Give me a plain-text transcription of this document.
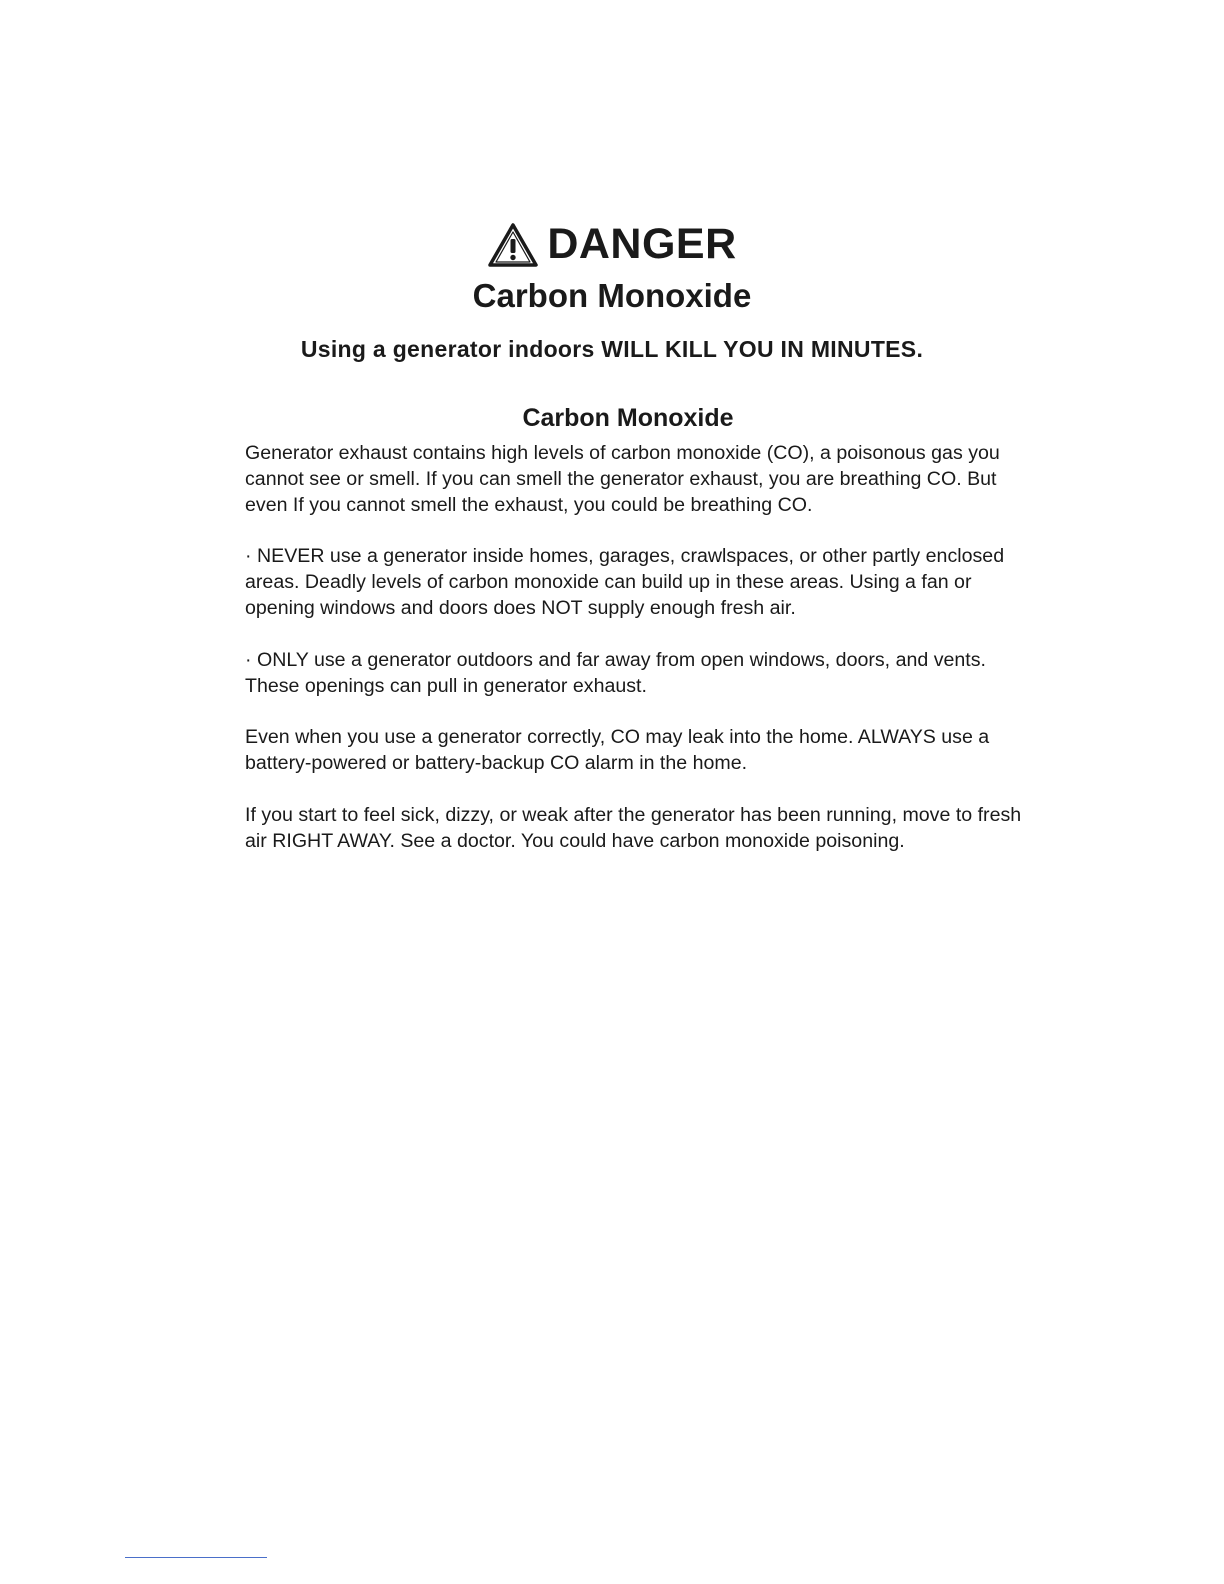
DANGER
Carbon Monoxide
Using a generator indoors WILL KILL YOU IN MINUTES.
Carbon Monoxide

Generator exhaust contains high levels of carbon monoxide (CO), a poisonous gas you cannot see or smell. If you can smell the generator exhaust, you are breathing CO. But even If you cannot smell the exhaust, you could be breathing CO.

· NEVER use a generator inside homes, garages, crawlspaces, or other partly enclosed areas. Deadly levels of carbon monoxide can build up in these areas. Using a fan or opening windows and doors does NOT supply enough fresh air.

· ONLY use a generator outdoors and far away from open windows, doors, and vents. These openings can pull in generator exhaust.

Even when you use a generator correctly, CO may leak into the home. ALWAYS use a battery-powered or battery-backup CO alarm in the home.

If you start to feel sick, dizzy, or weak after the generator has been running, move to fresh air RIGHT AWAY. See a doctor. You could have carbon monoxide poisoning.
